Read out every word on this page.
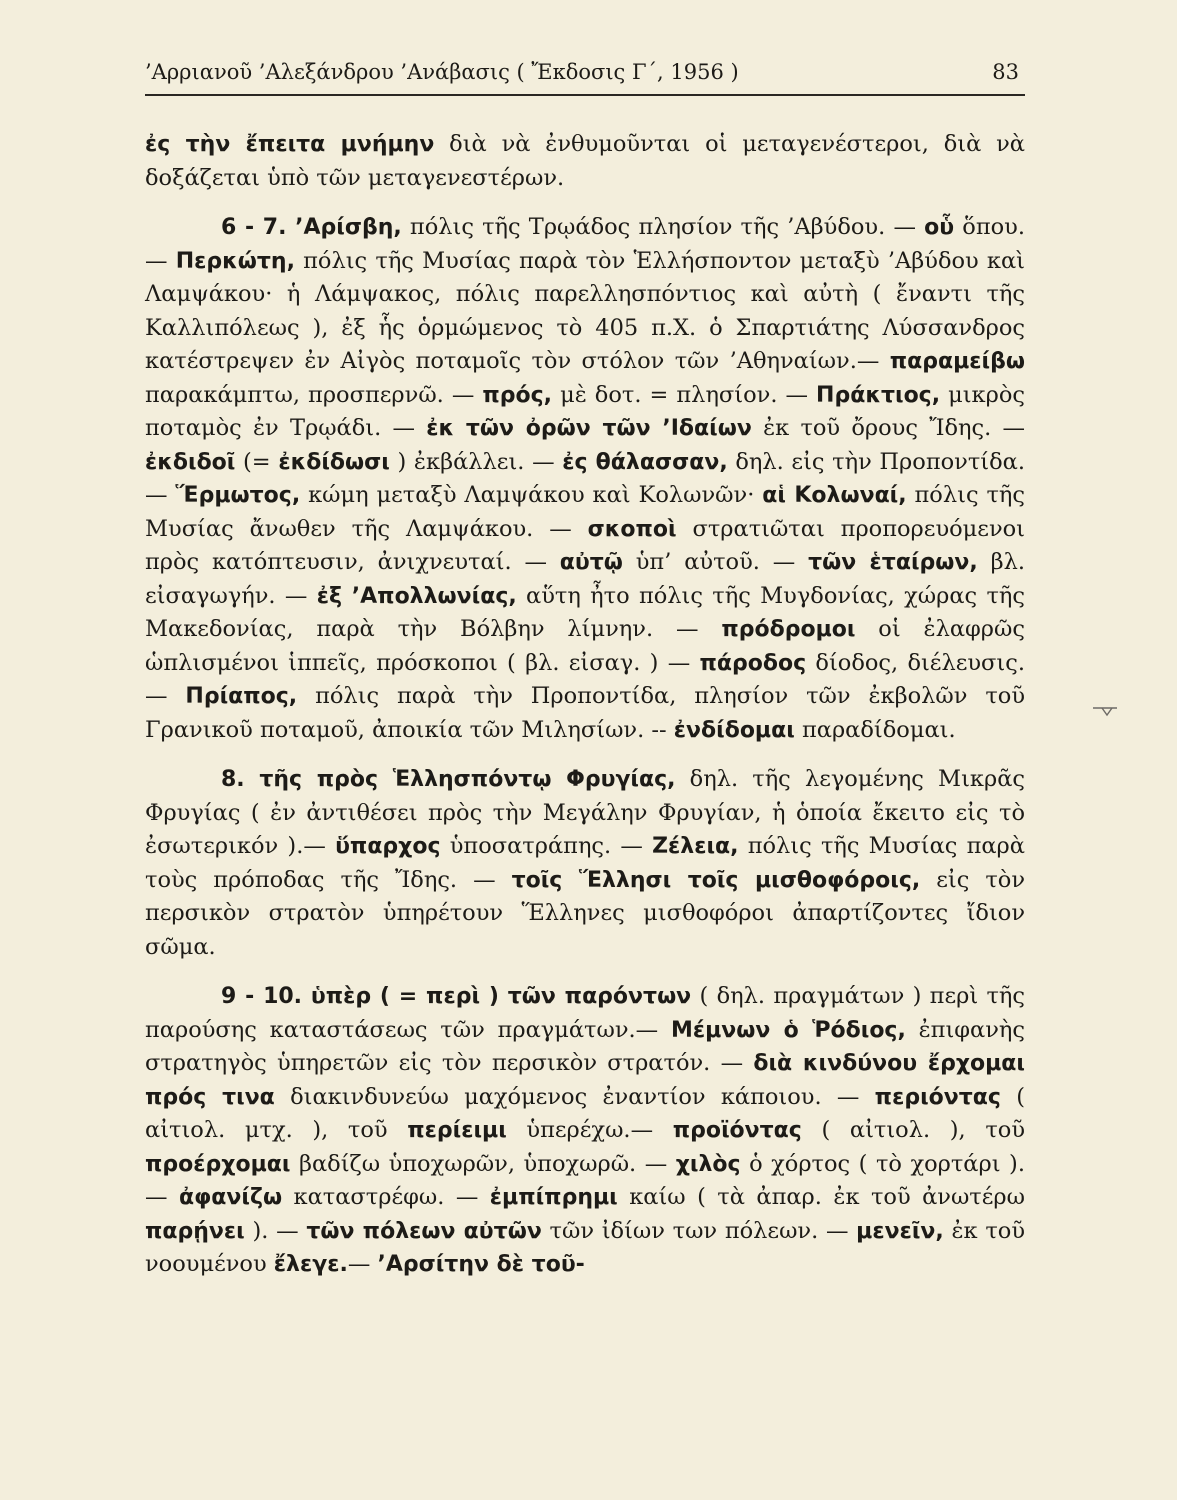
’Αρριανοῦ ’Αλεξάνδρου ’Ανάβασις ( Ἔκδοσις Γ΄, 1956 )	83

ἐς τὴν ἔπειτα μνήμην διὰ νὰ ἐνθυμοῦνται οἱ μεταγενέστεροι, διὰ νὰ δοξάζεται ὑπὸ τῶν μεταγενεστέρων.

6 - 7. ’Αρίσβη, πόλις τῆς Τρῳάδος πλησίον τῆς ’Αβύδου. — οὗ ὅπου. — Περκώτη, πόλις τῆς Μυσίας παρὰ τὸν Ἑλλήσποντον μεταξὺ ’Αβύδου καὶ Λαμψάκου· ἡ Λάμψακος, πόλις παρελλησπόντιος καὶ αὐτὴ ( ἔναντι τῆς Καλλιπόλεως ), ἐξ ἧς ὁρμώμενος τὸ 405 π.Χ. ὁ Σπαρτιάτης Λύσσανδρος κατέστρεψεν ἐν Αἰγὸς ποταμοῖς τὸν στόλον τῶν ’Αθηναίων.— παραμείβω παρακάμπτω, προσπερνῶ. — πρός, μὲ δοτ. = πλησίον. — Πράκτιος, μικρὸς ποταμὸς ἐν Τρῳάδι. — ἐκ τῶν ὀρῶν τῶν ’Ιδαίων ἐκ τοῦ ὄρους Ἴδης. — ἐκδιδοῖ (= ἐκδίδωσι ) ἐκβάλλει. — ἐς θάλασσαν, δηλ. εἰς τὴν Προποντίδα. — Ἕρμωτος, κώμη μεταξὺ Λαμψάκου καὶ Κολωνῶν· αἱ Κολωναί, πόλις τῆς Μυσίας ἄνωθεν τῆς Λαμψάκου. — σκοποὶ στρατιῶται προπορευόμενοι πρὸς κατόπτευσιν, ἀνιχνευταί. — αὐτῷ ὑπ’ αὐτοῦ. — τῶν ἑταίρων, βλ. εἰσαγωγήν. — ἐξ ’Απολλωνίας, αὕτη ἦτο πόλις τῆς Μυγδονίας, χώρας τῆς Μακεδονίας, παρὰ τὴν Βόλβην λίμνην. — πρόδρομοι οἱ ἐλαφρῶς ὡπλισμένοι ἱππεῖς, πρόσκοποι ( βλ. εἰσαγ. ) — πάροδος δίοδος, διέλευσις. — Πρίαπος, πόλις παρὰ τὴν Προποντίδα, πλησίον τῶν ἐκβολῶν τοῦ Γρανικοῦ ποταμοῦ, ἀποικία τῶν Μιλησίων. -- ἐνδίδομαι παραδίδομαι.

8. τῆς πρὸς Ἑλλησπόντῳ Φρυγίας, δηλ. τῆς λεγομένης Μικρᾶς Φρυγίας ( ἐν ἀντιθέσει πρὸς τὴν Μεγάλην Φρυγίαν, ἡ ὁποία ἔκειτο εἰς τὸ ἐσωτερικόν ).— ὕπαρχος ὑποσατράπης. — Ζέλεια, πόλις τῆς Μυσίας παρὰ τοὺς πρόποδας τῆς Ἴδης. — τοῖς Ἕλλησι τοῖς μισθοφόροις, εἰς τὸν περσικὸν στρατὸν ὑπηρέτουν Ἕλληνες μισθοφόροι ἀπαρτίζοντες ἴδιον σῶμα.

9 - 10. ὑπὲρ ( = περὶ ) τῶν παρόντων ( δηλ. πραγμάτων ) περὶ τῆς παρούσης καταστάσεως τῶν πραγμάτων.— Μέμνων ὁ Ῥόδιος, ἐπιφανὴς στρατηγὸς ὑπηρετῶν εἰς τὸν περσικὸν στρατόν. — διὰ κινδύνου ἔρχομαι πρός τινα διακινδυνεύω μαχόμενος ἐναντίον κάποιου. — περιόντας ( αἰτιολ. μτχ. ), τοῦ περίειμι ὑπερέχω.— προϊόντας ( αἰτιολ. ), τοῦ προέρχομαι βαδίζω ὑποχωρῶν, ὑποχωρῶ. — χιλὸς ὁ χόρτος ( τὸ χορτάρι ). — ἀφανίζω καταστρέφω. — ἐμπίπρημι καίω ( τὰ ἀπαρ. ἐκ τοῦ ἀνωτέρω παρῄνει ). — τῶν πόλεων αὐτῶν τῶν ἰδίων των πόλεων. — μενεῖν, ἐκ τοῦ νοουμένου ἔλεγε.— ’Αρσίτην δὲ τοῦ-
